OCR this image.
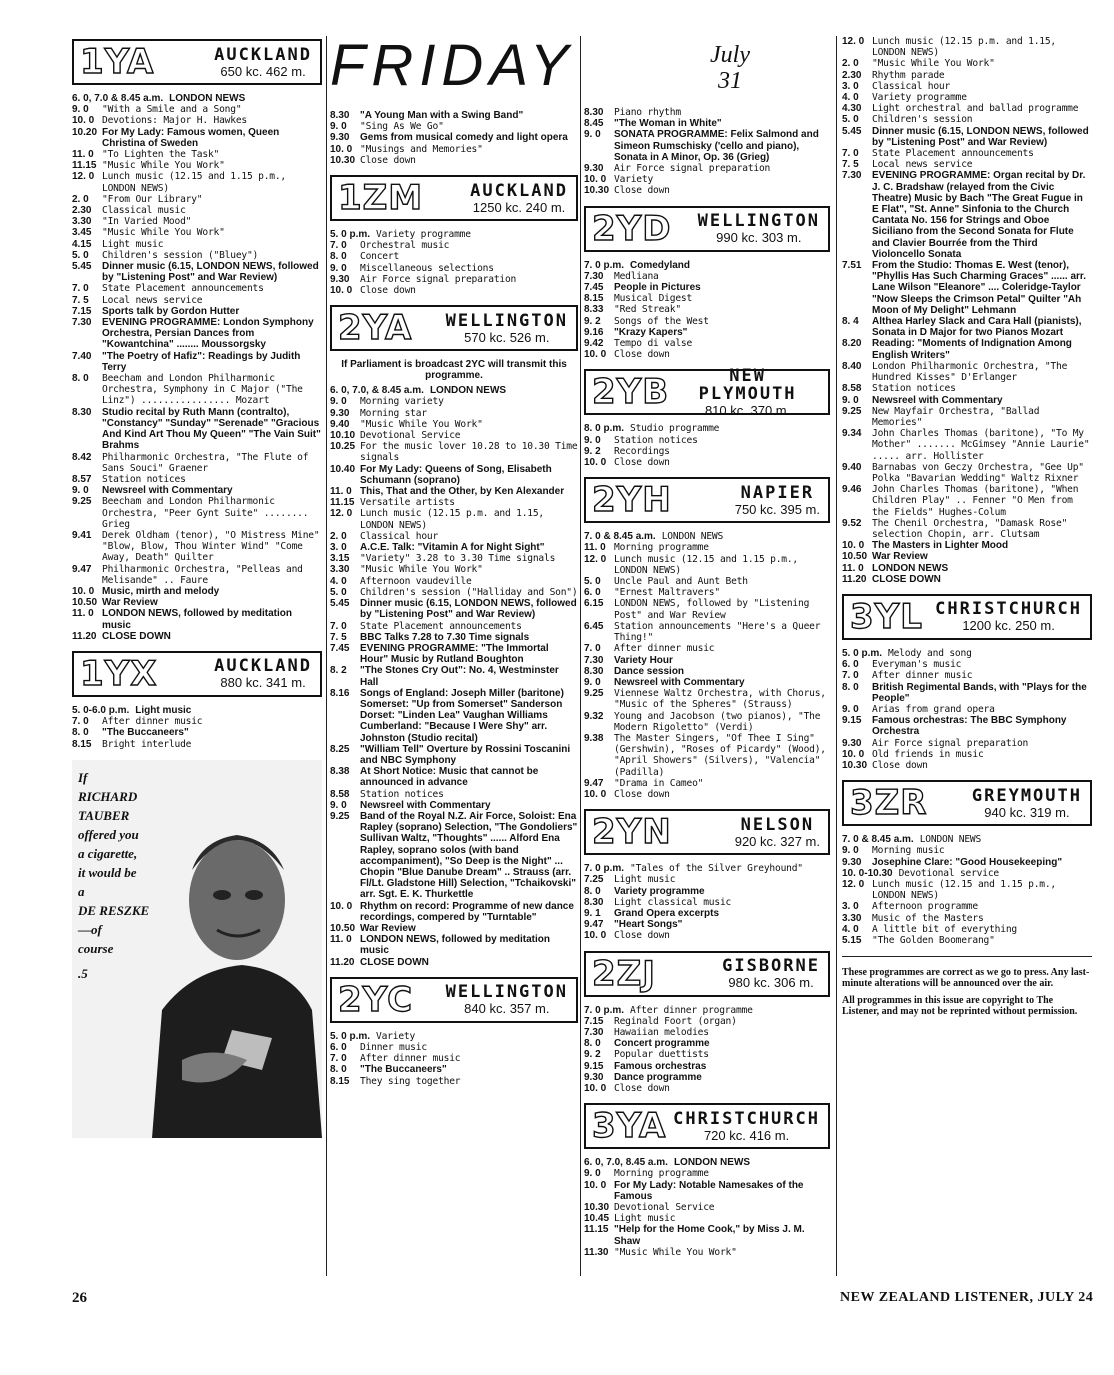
1YA	AUCKLAND
650 kc. 462 m.
6. 0, 7.0 & 8.45 a.m. LONDON NEWS
9. 0	"With a Smile and a Song"
10. 0 Devotions: Major H. Hawkes
10.20 For My Lady: Famous women, Queen Christina of Sweden
11. 0 "To Lighten the Task"
11.15 "Music While You Work"
12. 0 Lunch music (12.15 and 1.15 p.m., LONDON NEWS)
2. 0	"From Our Library"
2.30	Classical music
3.30	"In Varied Mood"
3.45	"Music While You Work"
4.15	Light music
5. 0	Children's session ("Bluey")
5.45	Dinner music (6.15, LONDON NEWS, followed by "Listening Post" and War Review)
7. 0	State Placement announcements
7. 5	Local news service
7.15	Sports talk by Gordon Hutter
7.30	EVENING PROGRAMME: London Symphony Orchestra, Persian Dances from "Kowantchina" ........ Moussorgsky
7.40	"The Poetry of Hafiz": Readings by Judith Terry
8. 0	Beecham and London Philharmonic Orchestra, Symphony in C Major ("The Linz") ................ Mozart
8.30	Studio recital by Ruth Mann (contralto), "Constancy" "Sunday" "Serenade" "Gracious And Kind Art Thou My Queen" "The Vain Suit" Brahms
8.42	Philharmonic Orchestra, "The Flute of Sans Souci" Graener
8.57	Station notices
9. 0	Newsreel with Commentary
9.25	Beecham and London Philharmonic Orchestra, "Peer Gynt Suite" ........ Grieg
9.41	Derek Oldham (tenor), "O Mistress Mine" "Blow, Blow, Thou Winter Wind" "Come Away, Death" Quilter
9.47	Philharmonic Orchestra, "Pelleas and Melisande" .. Faure
10. 0 Music, mirth and melody
10.50 War Review
11. 0 LONDON NEWS, followed by meditation music
11.20 CLOSE DOWN
1YX	AUCKLAND
880 kc. 341 m.
5. 0-6.0 p.m. Light music
7. 0	After dinner music
8. 0	"The Buccaneers"
8.15	Bright interlude
If
RICHARD
TAUBER
offered you
a cigarette,
it would be
a
DE RESZKE
—of
course
.5
FRIDAY
8.30	"A Young Man with a Swing Band"
9. 0	"Sing As We Go"
9.30	Gems from musical comedy and light opera
10. 0 "Musings and Memories"
10.30 Close down
1ZM	AUCKLAND
1250 kc. 240 m.
5. 0 p.m. Variety programme
7. 0	Orchestral music
8. 0	Concert
9. 0	Miscellaneous selections
9.30	Air Force signal preparation
10. 0 Close down
2YA	WELLINGTON
570 kc. 526 m.
If Parliament is broadcast 2YC will transmit this programme.
6. 0, 7.0, & 8.45 a.m. LONDON NEWS
9. 0	Morning variety
9.30	Morning star
9.40	"Music While You Work"
10.10 Devotional Service
10.25 For the music lover 10.28 to 10.30 Time signals
10.40 For My Lady: Queens of Song, Elisabeth Schumann (soprano)
11. 0 This, That and the Other, by Ken Alexander
11.15 Versatile artists
12. 0 Lunch music (12.15 p.m. and 1.15, LONDON NEWS)
2. 0	Classical hour
3. 0	A.C.E. Talk: "Vitamin A for Night Sight"
3.15	"Variety" 3.28 to 3.30 Time signals
3.30	"Music While You Work"
4. 0	Afternoon vaudeville
5. 0	Children's session ("Halliday and Son")
5.45	Dinner music (6.15, LONDON NEWS, followed by "Listening Post" and War Review)
7. 0	State Placement announcements
7. 5	BBC Talks 7.28 to 7.30 Time signals
7.45	EVENING PROGRAMME: "The Immortal Hour" Music by Rutland Boughton
8. 2	"The Stones Cry Out": No. 4, Westminster Hall
8.16	Songs of England: Joseph Miller (baritone) Somerset: "Up from Somerset" Sanderson Dorset: "Linden Lea" Vaughan Williams Cumberland: "Because I Were Shy" arr. Johnston (Studio recital)
8.25	"William Tell" Overture by Rossini Toscanini and NBC Symphony
8.38	At Short Notice: Music that cannot be announced in advance
8.58	Station notices
9. 0	Newsreel with Commentary
9.25	Band of the Royal N.Z. Air Force, Soloist: Ena Rapley (soprano) Selection, "The Gondoliers" Sullivan Waltz, "Thoughts" ...... Alford Ena Rapley, soprano solos (with band accompaniment), "So Deep is the Night" ... Chopin "Blue Danube Dream" .. Strauss (arr. Fl/Lt. Gladstone Hill) Selection, "Tchaikovski" arr. Sgt. E. K. Thurkettle
10. 0 Rhythm on record: Programme of new dance recordings, compered by "Turntable"
10.50 War Review
11. 0 LONDON NEWS, followed by meditation music
11.20 CLOSE DOWN
2YC	WELLINGTON
840 kc. 357 m.
5. 0 p.m. Variety
6. 0	Dinner music
7. 0	After dinner music
8. 0	"The Buccaneers"
8.15	They sing together
July
31
8.30	Piano rhythm
8.45	"The Woman in White"
9. 0	SONATA PROGRAMME: Felix Salmond and Simeon Rumschisky ('cello and piano), Sonata in A Minor, Op. 36 (Grieg)
9.30	Air Force signal preparation
10. 0 Variety
10.30 Close down
2YD	WELLINGTON
990 kc. 303 m.
7. 0 p.m. Comedyland
7.30	Medliana
7.45	People in Pictures
8.15	Musical Digest
8.33	"Red Streak"
9. 2	Songs of the West
9.16	"Krazy Kapers"
9.42	Tempo di valse
10. 0 Close down
2YB	NEW PLYMOUTH
810 kc. 370 m.
8. 0 p.m. Studio programme
9. 0	Station notices
9. 2	Recordings
10. 0 Close down
2YH	NAPIER
750 kc. 395 m.
7. 0 & 8.45 a.m. LONDON NEWS
11. 0 Morning programme
12. 0 Lunch music (12.15 and 1.15 p.m., LONDON NEWS)
5. 0	Uncle Paul and Aunt Beth
6. 0	"Ernest Maltravers"
6.15	LONDON NEWS, followed by "Listening Post" and War Review
6.45	Station announcements "Here's a Queer Thing!"
7. 0	After dinner music
7.30	Variety Hour
8.30	Dance session
9. 0	Newsreel with Commentary
9.25	Viennese Waltz Orchestra, with Chorus, "Music of the Spheres" (Strauss)
9.32	Young and Jacobson (two pianos), "The Modern Rigoletto" (Verdi)
9.38	The Master Singers, "Of Thee I Sing" (Gershwin), "Roses of Picardy" (Wood), "April Showers" (Silvers), "Valencia" (Padilla)
9.47	"Drama in Cameo"
10. 0 Close down
2YN	NELSON
920 kc. 327 m.
7. 0 p.m. "Tales of the Silver Greyhound"
7.25	Light music
8. 0	Variety programme
8.30	Light classical music
9. 1	Grand Opera excerpts
9.47	"Heart Songs"
10. 0 Close down
2ZJ	GISBORNE
980 kc. 306 m.
7. 0 p.m. After dinner programme
7.15	Reginald Foort (organ)
7.30	Hawaiian melodies
8. 0	Concert programme
9. 2	Popular duettists
9.15	Famous orchestras
9.30	Dance programme
10. 0 Close down
3YA CHRISTCHURCH
720 kc. 416 m.
6. 0, 7.0, 8.45 a.m. LONDON NEWS
9. 0	Morning programme
10. 0 For My Lady: Notable Namesakes of the Famous
10.30 Devotional Service
10.45 Light music
11.15 "Help for the Home Cook," by Miss J. M. Shaw
11.30 "Music While You Work"
12. 0 Lunch music (12.15 p.m. and 1.15, LONDON NEWS)
2. 0	"Music While You Work"
2.30	Rhythm parade
3. 0	Classical hour
4. 0	Variety programme
4.30	Light orchestral and ballad programme
5. 0	Children's session
5.45	Dinner music (6.15, LONDON NEWS, followed by "Listening Post" and War Review)
7. 0	State Placement announcements
7. 5	Local news service
7.30	EVENING PROGRAMME: Organ recital by Dr. J. C. Bradshaw (relayed from the Civic Theatre) Music by Bach "The Great Fugue in E Flat", "St. Anne" Sinfonia to the Church Cantata No. 156 for Strings and Oboe Siciliano from the Second Sonata for Flute and Clavier Bourrée from the Third Violoncello Sonata
7.51	From the Studio: Thomas E. West (tenor), "Phyllis Has Such Charming Graces" ...... arr. Lane Wilson "Eleanore" .... Coleridge-Taylor "Now Sleeps the Crimson Petal" Quilter "Ah Moon of My Delight" Lehmann
8. 4	Althea Harley Slack and Cara Hall (pianists), Sonata in D Major for two Pianos Mozart
8.20	Reading: "Moments of Indignation Among English Writers"
8.40	London Philharmonic Orchestra, "The Hundred Kisses" D'Erlanger
8.58	Station notices
9. 0	Newsreel with Commentary
9.25	New Mayfair Orchestra, "Ballad Memories"
9.34	John Charles Thomas (baritone), "To My Mother" ....... McGimsey "Annie Laurie" ..... arr. Hollister
9.40	Barnabas von Geczy Orchestra, "Gee Up" Polka "Bavarian Wedding" Waltz Rixner
9.46	John Charles Thomas (baritone), "When Children Play" .. Fenner "O Men from the Fields" Hughes-Colum
9.52	The Chenil Orchestra, "Damask Rose" selection Chopin, arr. Clutsam
10. 0 The Masters in Lighter Mood
10.50 War Review
11. 0 LONDON NEWS
11.20 CLOSE DOWN
3YL CHRISTCHURCH
1200 kc. 250 m.
5. 0 p.m. Melody and song
6. 0	Everyman's music
7. 0	After dinner music
8. 0	British Regimental Bands, with "Plays for the People"
9. 0	Arias from grand opera
9.15	Famous orchestras: The BBC Symphony Orchestra
9.30	Air Force signal preparation
10. 0 Old friends in music
10.30 Close down
3ZR	GREYMOUTH
940 kc. 319 m.
7. 0 & 8.45 a.m. LONDON NEWS
9. 0	Morning music
9.30	Josephine Clare: "Good Housekeeping"
10. 0-10.30 Devotional service
12. 0 Lunch music (12.15 and 1.15 p.m., LONDON NEWS)
3. 0	Afternoon programme
3.30	Music of the Masters
4. 0	A little bit of everything
5.15	"The Golden Boomerang"
These programmes are correct as we go to press. Any last-minute alterations will be announced over the air.
All programmes in this issue are copyright to The Listener, and may not be reprinted without permission.
26	NEW ZEALAND LISTENER, JULY 24
